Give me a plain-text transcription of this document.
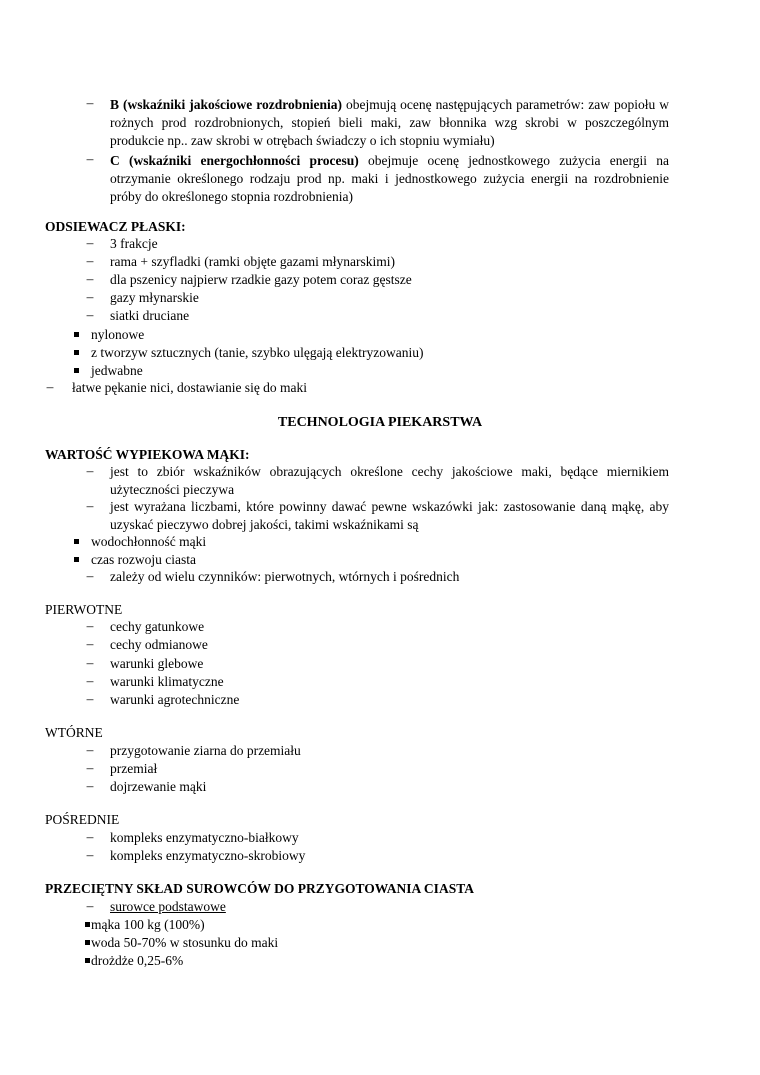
– B (wskaźniki jakościowe rozdrobnienia) obejmują ocenę następujących parametrów: zaw popiołu w rożnych prod rozdrobnionych, stopień bieli maki, zaw błonnika wzg skrobi w poszczególnym produkcie np.. zaw skrobi w otrębach świadczy o ich stopniu wymiału)
– C (wskaźniki energochłonności procesu) obejmuje ocenę jednostkowego zużycia energii na otrzymanie określonego rodzaju prod np. maki i jednostkowego zużycia energii na rozdrobnienie próby do określonego stopnia rozdrobnienia)
ODSIEWACZ PŁASKI:
– 3 frakcje
– rama + szyfladki (ramki objęte gazami młynarskimi)
– dla pszenicy najpierw rzadkie gazy potem coraz gęstsze
– gazy młynarskie
– siatki druciane
nylonowe
z tworzyw sztucznych (tanie, szybko ulęgają elektryzowaniu)
jedwabne
– łatwe pękanie nici, dostawianie się do maki
TECHNOLOGIA PIEKARSTWA
WARTOŚĆ WYPIEKOWA MĄKI:
– jest to zbiór wskaźników obrazujących określone cechy jakościowe maki, będące miernikiem użyteczności pieczywa
– jest wyrażana liczbami, które powinny dawać pewne wskazówki jak: zastosowanie daną mąkę, aby uzyskać pieczywo dobrej jakości, takimi wskaźnikami są
wodochłonność mąki
czas rozwoju ciasta
– zależy od wielu czynników: pierwotnych, wtórnych i pośrednich
PIERWOTNE
– cechy gatunkowe
– cechy odmianowe
– warunki glebowe
– warunki klimatyczne
– warunki agrotechniczne
WTÓRNE
– przygotowanie ziarna do przemiału
– przemiał
– dojrzewanie mąki
POŚREDNIE
– kompleks enzymatyczno-białkowy
– kompleks enzymatyczno-skrobiowy
PRZECIĘTNY SKŁAD SUROWCÓW DO PRZYGOTOWANIA CIASTA
– surowce podstawowe
mąka 100 kg (100%)
woda 50-70% w stosunku do maki
drożdże 0,25-6%
